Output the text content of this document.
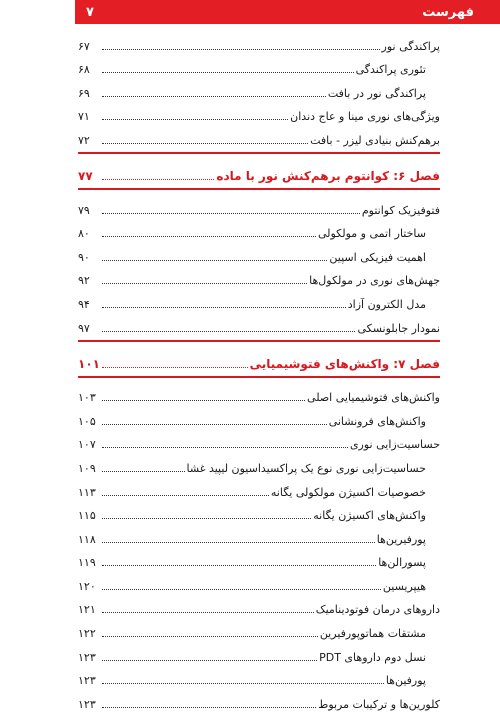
فهرست
۷
پراکندگی نور
۶۷
تئوری پراکندگی
۶۸
پراکندگی نور در بافت
۶۹
ویژگی‌های نوری مینا و عاج دندان
۷۱
برهم‌کنش بنیادی لیزر - بافت
۷۲
فصل ۶: کوانتوم برهم‌کنش نور با ماده
۷۷
فتوفیزیک کوانتوم
۷۹
ساختار اتمی و مولکولی
۸۰
اهمیت فیزیکی اسپین
۹۰
جهش‌های نوری در مولکول‌ها
۹۲
مدل الکترون آزاد
۹۴
نمودار جابلونسکی
۹۷
فصل ۷: واکنش‌های فتوشیمیایی
۱۰۱
واکنش‌های فتوشیمیایی اصلی
۱۰۳
واکنش‌های فرونشانی
۱۰۵
حساسیت‌زایی نوری
۱۰۷
حساسیت‌زایی نوری نوع یک پراکسیداسیون لیپید غشا
۱۰۹
خصوصیات اکسیژن مولکولی یگانه
۱۱۳
واکنش‌های اکسیژن یگانه
۱۱۵
پورفیرین‌ها
۱۱۸
پسورالن‌ها
۱۱۹
هیپریسین
۱۲۰
داروهای درمان فوتودینامیک
۱۲۱
مشتقات هماتوپورفیرین
۱۲۲
نسل دوم داروهای PDT
۱۲۳
پورفین‌ها
۱۲۳
کلورین‌ها و ترکیبات مربوط
۱۲۳
